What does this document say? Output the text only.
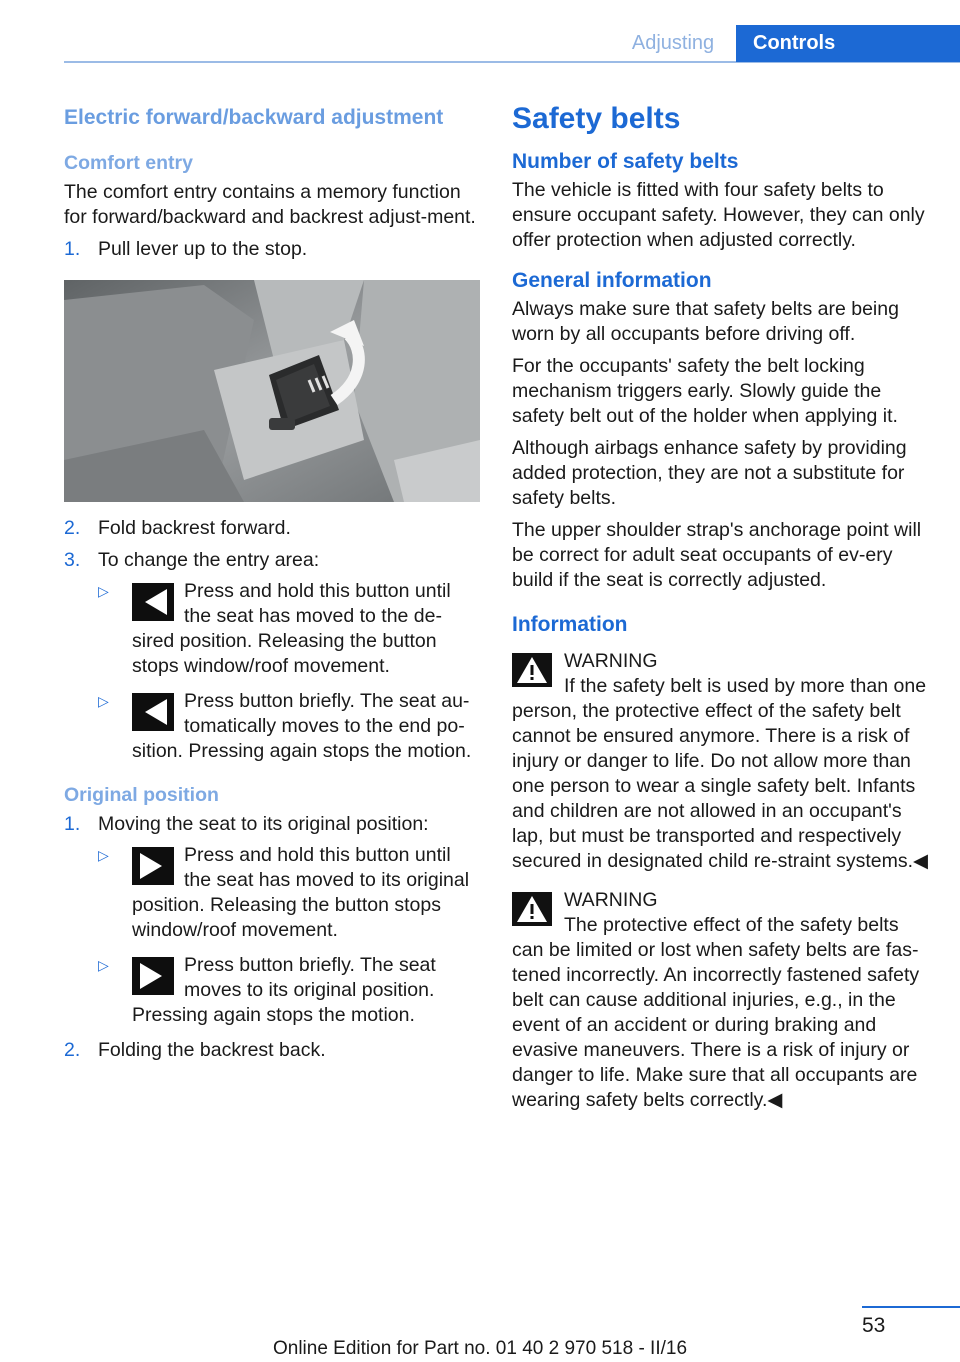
Adjusting	Controls
Electric forward/backward adjustment
Comfort entry

The comfort entry contains a memory function for forward/backward and backrest adjust-ment.

1. Pull lever up to the stop.
2. Fold backrest forward.
3. To change the entry area:
▷	Press and hold this button until the seat has moved to the de-sired position. Releasing the button stops window/roof movement.
▷	Press button briefly. The seat au-tomatically moves to the end po-sition. Pressing again stops the motion.
Original position
1. Moving the seat to its original position:
▷	Press and hold this button until the seat has moved to its original position. Releasing the button stops window/roof movement.
▷	Press button briefly. The seat moves to its original position. Pressing again stops the motion.
2. Folding the backrest back.
Safety belts
Number of safety belts

The vehicle is fitted with four safety belts to ensure occupant safety. However, they can only offer protection when adjusted correctly.

General information

Always make sure that safety belts are being worn by all occupants before driving off.

For the occupants' safety the belt locking mechanism triggers early. Slowly guide the safety belt out of the holder when applying it.

Although airbags enhance safety by providing added protection, they are not a substitute for safety belts.

The upper shoulder strap's anchorage point will be correct for adult seat occupants of ev-ery build if the seat is correctly adjusted.

Information
WARNING
If the safety belt is used by more than one person, the protective effect of the safety belt cannot be ensured anymore. There is a risk of injury or danger to life. Do not allow more than one person to wear a single safety belt. Infants and children are not allowed in an occupant's lap, but must be transported and respectively secured in designated child re-straint systems.◀
WARNING
The protective effect of the safety belts can be limited or lost when safety belts are fas-tened incorrectly. An incorrectly fastened safety belt can cause additional injuries, e.g., in the event of an accident or during braking and evasive maneuvers. There is a risk of injury or danger to life. Make sure that all occupants are wearing safety belts correctly.◀
53
Online Edition for Part no. 01 40 2 970 518 - II/16
